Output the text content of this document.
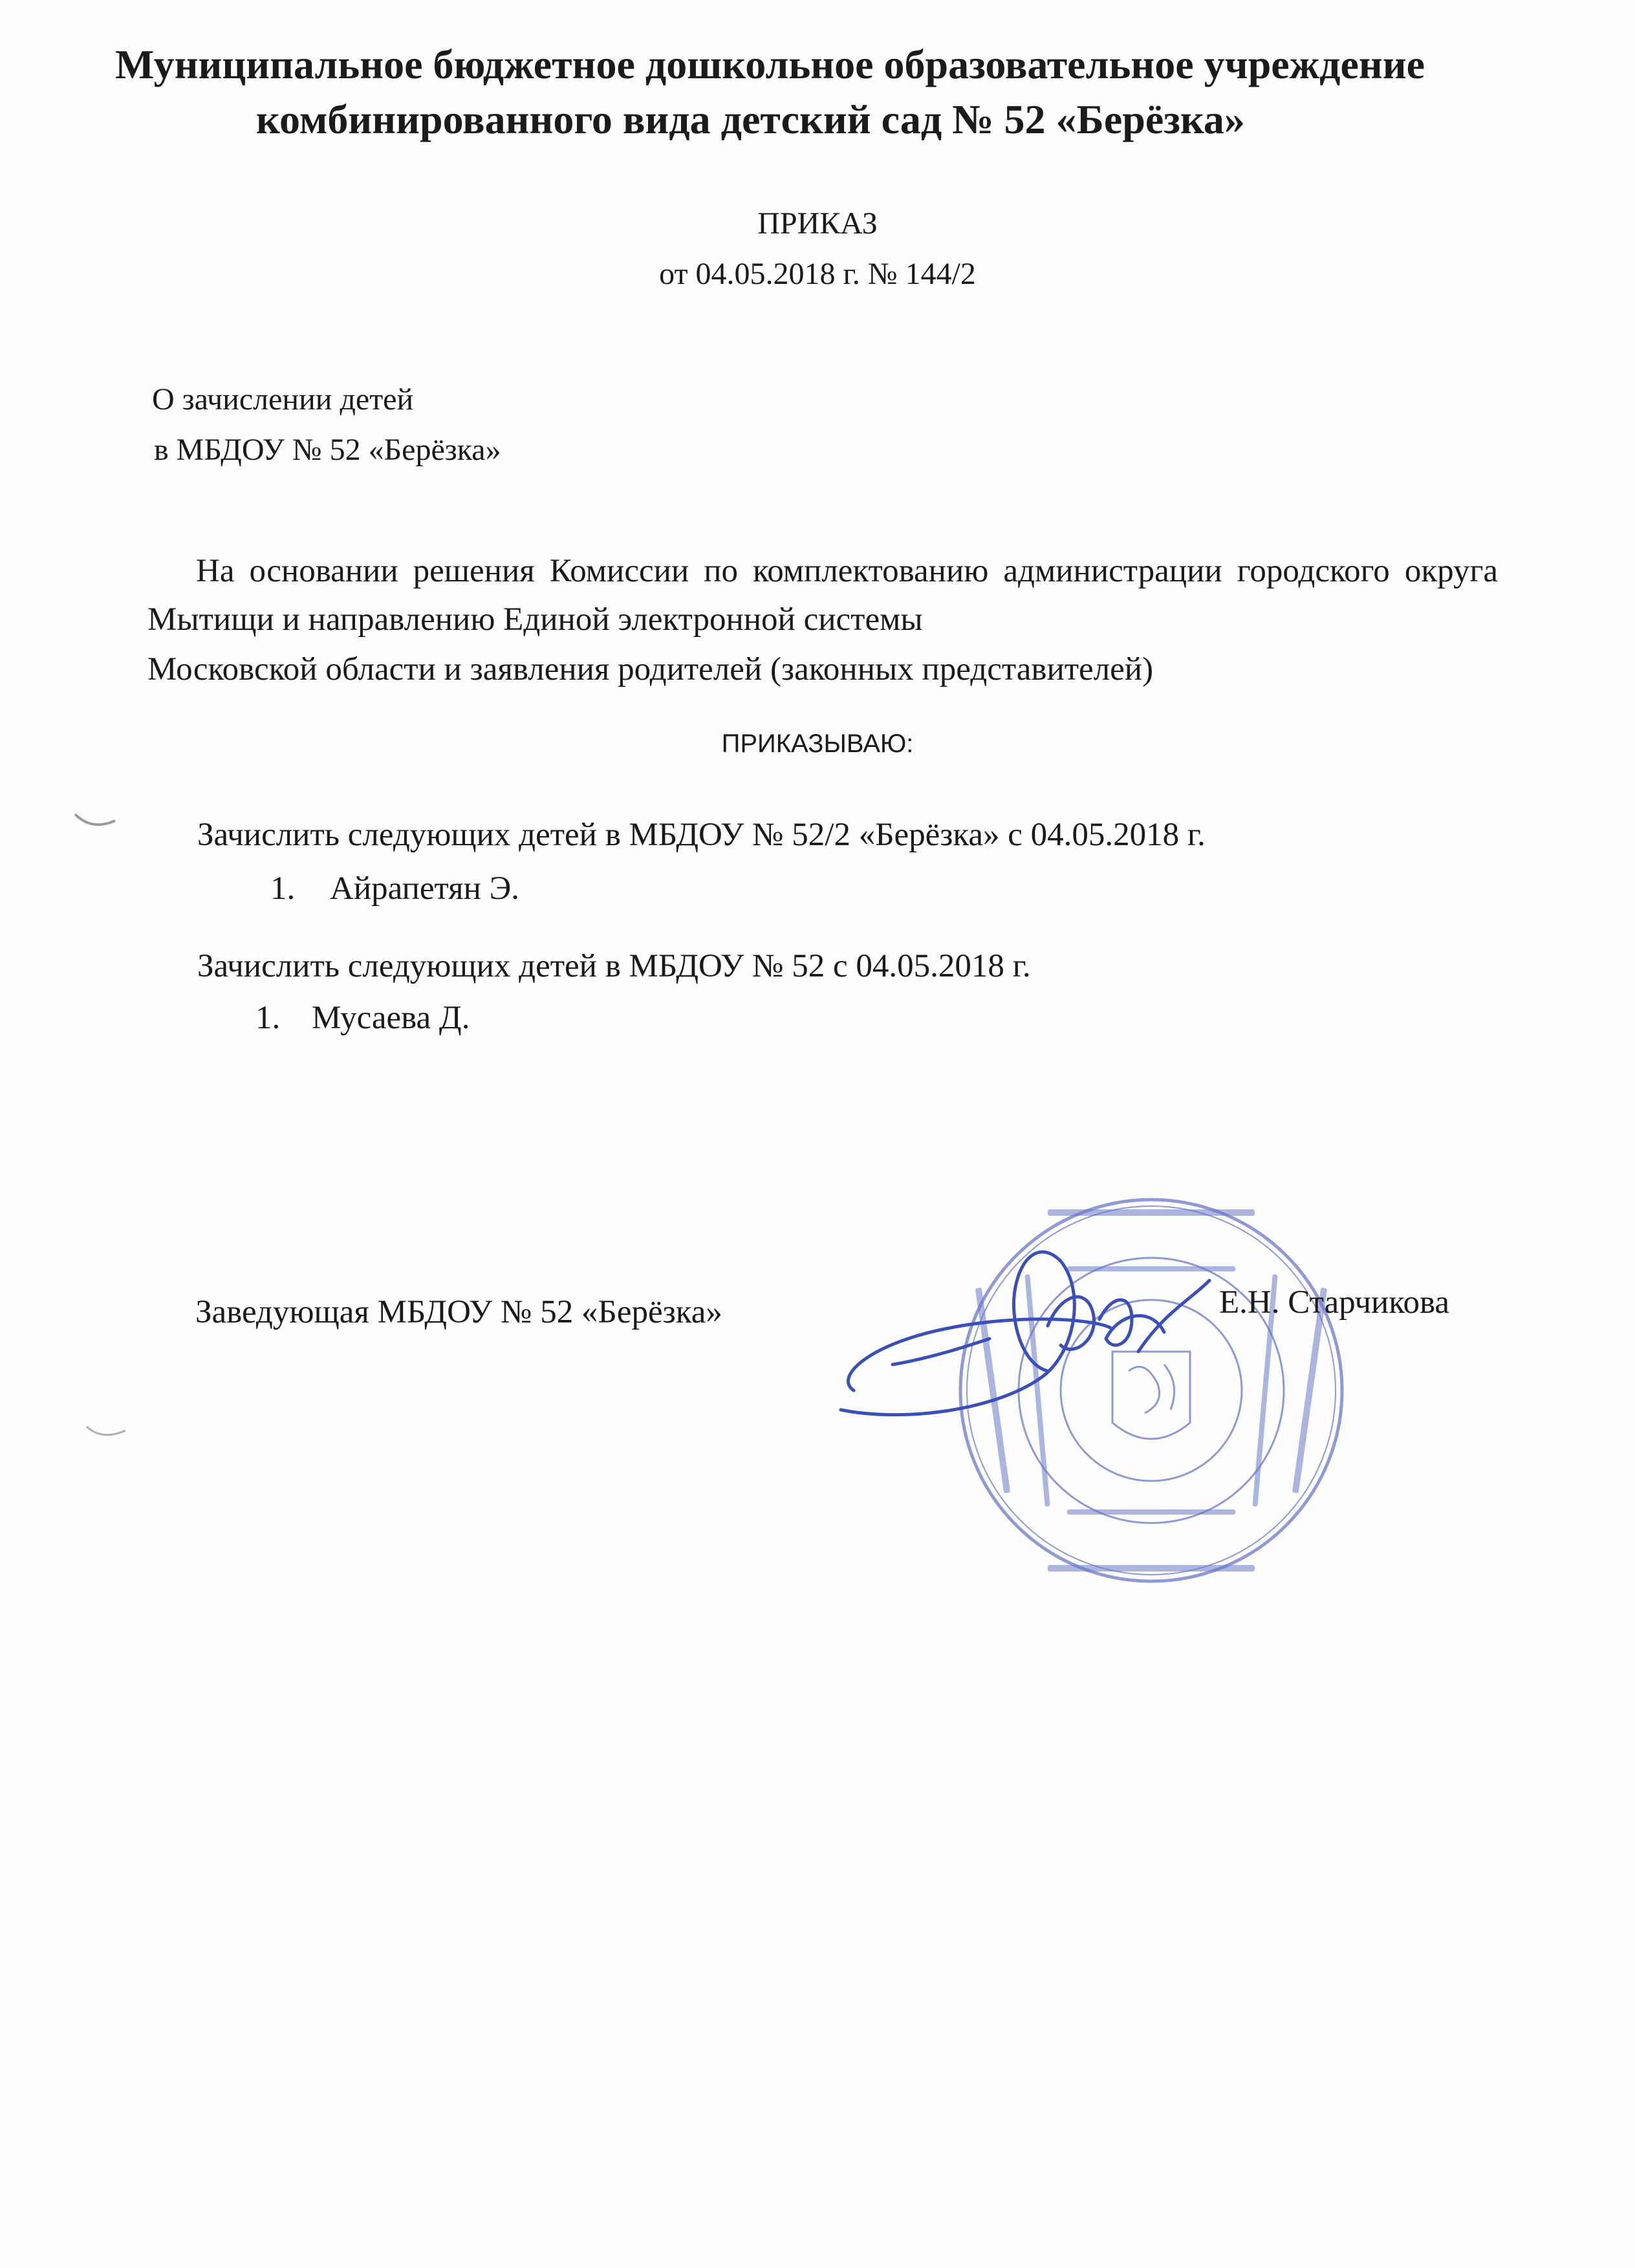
Муниципальное бюджетное дошкольное образовательное учреждение
комбинированного вида детский сад № 52 «Берёзка»
ПРИКАЗ
от 04.05.2018 г. № 144/2
О зачислении детей
в МБДОУ № 52 «Берёзка»
На основании решения Комиссии по комплектованию администрации городского округа Мытищи и направлению Единой электронной системы
Московской области и заявления родителей (законных представителей)
ПРИКАЗЫВАЮ:
Зачислить следующих детей в МБДОУ № 52/2 «Берёзка» с 04.05.2018 г.
1. Айрапетян Э.
Зачислить следующих детей в МБДОУ № 52 с 04.05.2018 г.
1. Мусаева Д.
Заведующая МБДОУ № 52 «Берёзка»	Е.Н. Старчикова
